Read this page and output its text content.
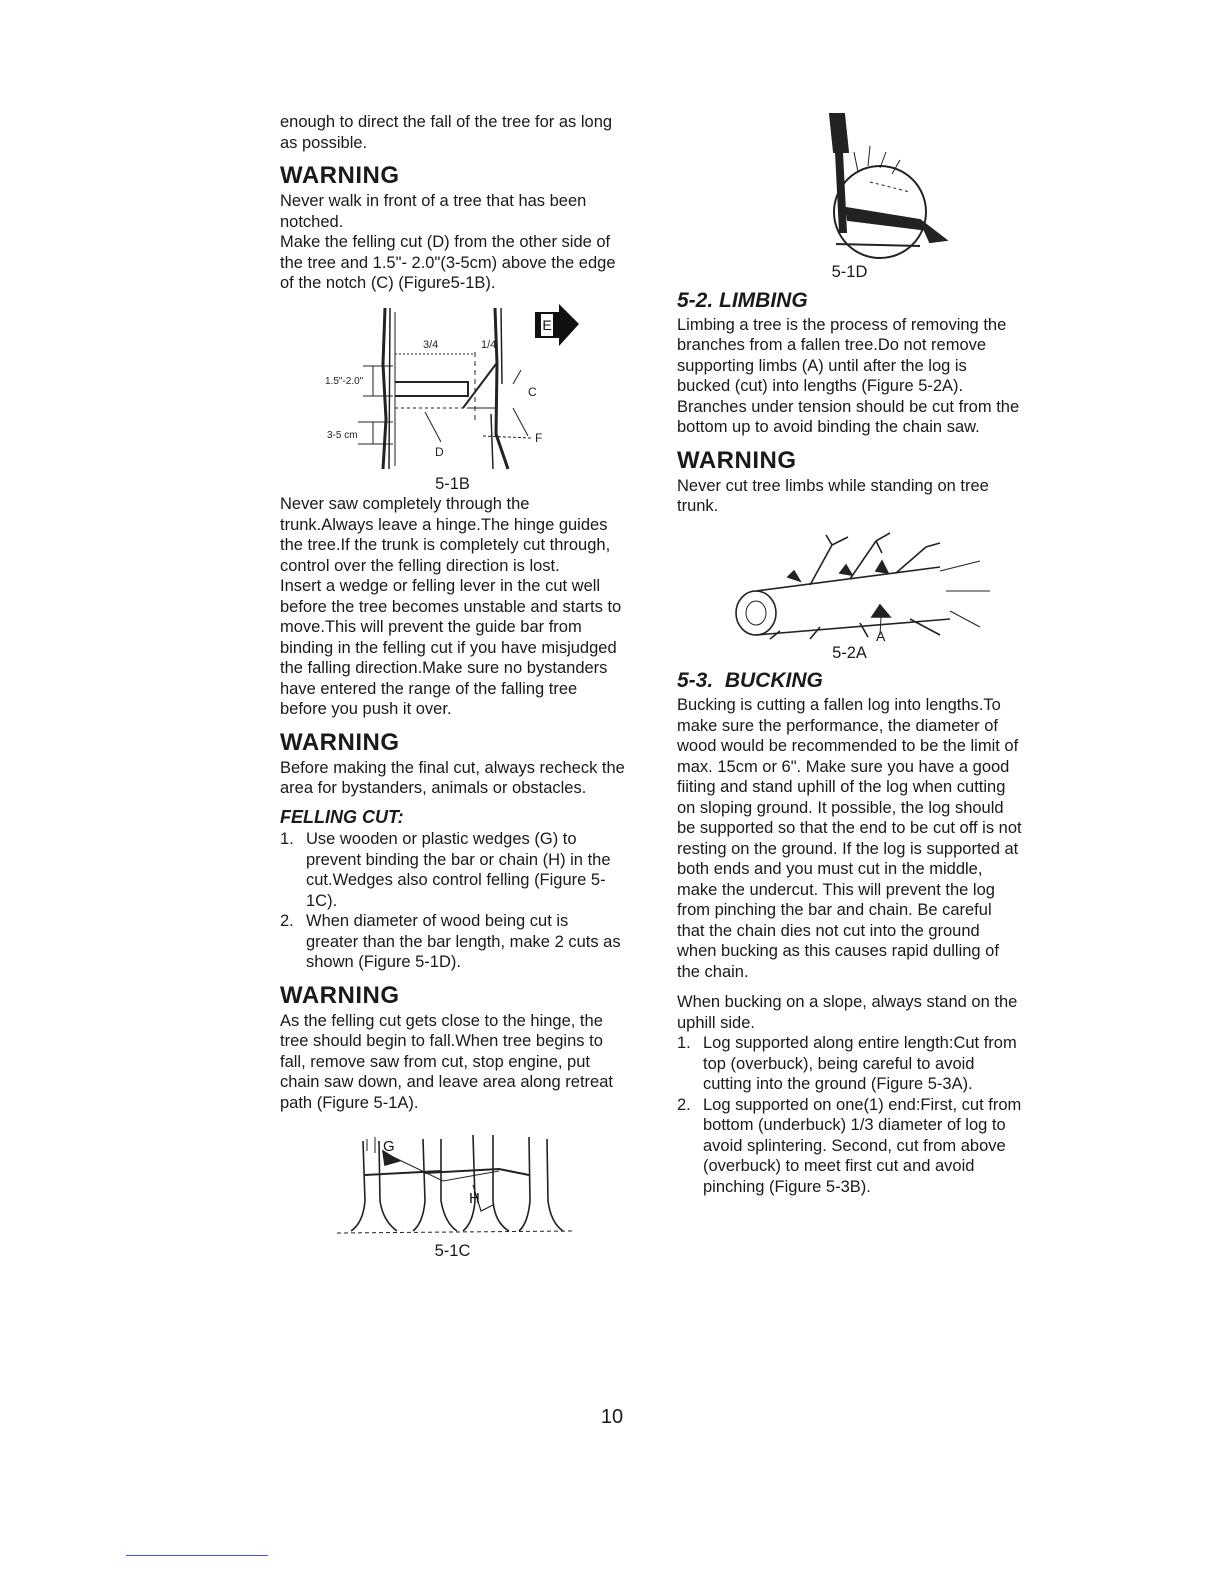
enough to direct the fall of the tree for as long as possible.

WARNING

Never walk in front of a tree that has been notched.

Make the felling cut (D) from the other side of the tree and 1.5"- 2.0"(3-5cm) above the edge of the notch (C) (Figure5-1B).

E
3/4	1/4
1.5"-2.0"
3-5 cm
C
D
F

5-1B

Never saw completely through the trunk.Always leave a hinge.The hinge guides the tree.If the trunk is completely cut through, control over the felling direction is lost.

Insert a wedge or felling lever in the cut well before the tree becomes unstable and starts to move.This will prevent the guide bar from binding in the felling cut if you have misjudged the falling direction.Make sure no bystanders have entered the range of the falling tree before you push it over.

WARNING

Before making the final cut, always recheck the area for bystanders, animals or obstacles.

FELLING CUT:
1. Use wooden or plastic wedges (G) to prevent binding the bar or chain (H) in the cut.Wedges also control felling (Figure 5-1C).
2. When diameter of wood being cut is greater than the bar length, make 2 cuts as shown (Figure 5-1D).
WARNING

As the felling cut gets close to the hinge, the tree should begin to fall.When tree begins to fall, remove saw from cut, stop engine, put chain saw down, and leave area along retreat path (Figure 5-1A).

G
H

5-1C

5-1D

5-2. LIMBING

Limbing a tree is the process of removing the branches from a fallen tree.Do not remove supporting limbs (A) until after the log is bucked (cut) into lengths (Figure 5-2A).

Branches under tension should be cut from the bottom up to avoid binding the chain saw.

WARNING

Never cut tree limbs while standing on tree trunk.

A

5-2A

5-3.  BUCKING

Bucking is cutting a fallen log into lengths.To make sure the performance, the diameter of wood would be recommended to be the limit of max. 15cm or 6". Make sure you have a good fiiting and stand uphill of the log when cutting on sloping ground. It possible, the log should be supported so that the end to be cut off is not resting on the ground. If the log is supported at both ends and you must cut in the middle, make the undercut. This will prevent the log from pinching the bar and chain. Be careful that the chain dies not cut into the ground when bucking as this causes rapid dulling of the chain.

When bucking on a slope, always stand on the uphill side.

1. Log supported along entire length:Cut from top (overbuck), being careful to avoid cutting into the ground (Figure 5-3A).
2. Log supported on one(1) end:First, cut from bottom (underbuck) 1/3 diameter of log to avoid splintering. Second, cut from above (overbuck) to meet first cut and avoid pinching (Figure 5-3B).
10
